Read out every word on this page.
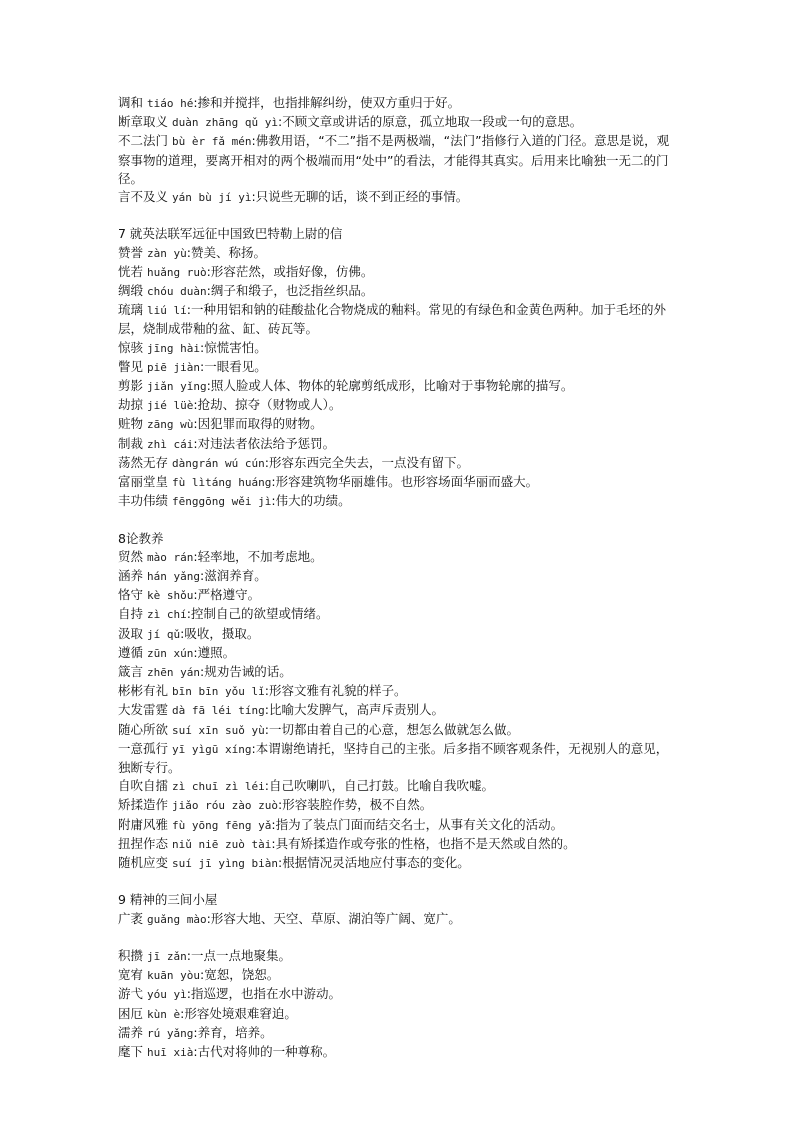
调和 tiáo hé:掺和并搅拌，也指排解纠纷，使双方重归于好。

断章取义 duàn zhāng qǔ yì:不顾文章或讲话的原意，孤立地取一段或一句的意思。

不二法门 bù èr fǎ mén:佛教用语，“不二”指不是两极端，“法门”指修行入道的门径。意思是说，观察事物的道理，要离开相对的两个极端而用“处中”的看法，才能得其真实。后用来比喻独一无二的门径。

言不及义 yán bù jí yì:只说些无聊的话，谈不到正经的事情。

7 就英法联军远征中国致巴特勒上尉的信

赞誉 zàn yù:赞美、称扬。

恍若 huǎng ruò:形容茫然，或指好像，仿佛。

绸缎 chóu duàn:绸子和缎子，也泛指丝织品。

琉璃 liú lí:一种用铝和钠的硅酸盐化合物烧成的釉料。常见的有绿色和金黄色两种。加于毛坯的外层，烧制成带釉的盆、缸、砖瓦等。

惊骇 jīng hài:惊慌害怕。

瞥见 piē jiàn:一眼看见。

剪影 jiǎn yǐng:照人脸或人体、物体的轮廓剪纸成形，比喻对于事物轮廓的描写。

劫掠 jié lüè:抢劫、掠夺（财物或人）。

赃物 zāng wù:因犯罪而取得的财物。

制裁 zhì cái:对违法者依法给予惩罚。

荡然无存 dàngrán wú cún:形容东西完全失去，一点没有留下。

富丽堂皇 fù lìtáng huáng:形容建筑物华丽雄伟。也形容场面华丽而盛大。

丰功伟绩 fēnggōng wěi jì:伟大的功绩。

8论教养

贸然 mào rán:轻率地，不加考虑地。

涵养 hán yǎng:滋润养育。

恪守 kè shǒu:严格遵守。

自持 zì chí:控制自己的欲望或情绪。

汲取 jí qǔ:吸收，摄取。

遵循 zūn xún:遵照。

箴言 zhēn yán:规劝告诫的话。

彬彬有礼 bīn bīn yǒu lǐ:形容文雅有礼貌的样子。

大发雷霆 dà fā léi tíng:比喻大发脾气，高声斥责别人。

随心所欲 suí xīn suǒ yù:一切都由着自己的心意，想怎么做就怎么做。

一意孤行 yī yìgū xíng:本谓谢绝请托，坚持自己的主张。后多指不顾客观条件，无视别人的意见，独断专行。

自吹自擂 zì chuī zì léi:自己吹喇叭，自己打鼓。比喻自我吹嘘。

矫揉造作 jiǎo róu zào zuò:形容装腔作势，极不自然。

附庸风雅 fù yōng fēng yǎ:指为了装点门面而结交名士，从事有关文化的活动。

扭捏作态 niǔ niē zuò tài:具有矫揉造作或夸张的性格，也指不是天然或自然的。

随机应变 suí jī yìng biàn:根据情况灵活地应付事态的变化。

9 精神的三间小屋

广袤 guǎng mào:形容大地、天空、草原、湖泊等广阔、宽广。

积攒 jī zǎn:一点一点地聚集。

宽宥 kuān yòu:宽恕，饶恕。

游弋 yóu yì:指巡逻，也指在水中游动。

困厄 kùn è:形容处境艰难窘迫。

濡养 rú yǎng:养育，培养。

麾下 huī xià:古代对将帅的一种尊称。
